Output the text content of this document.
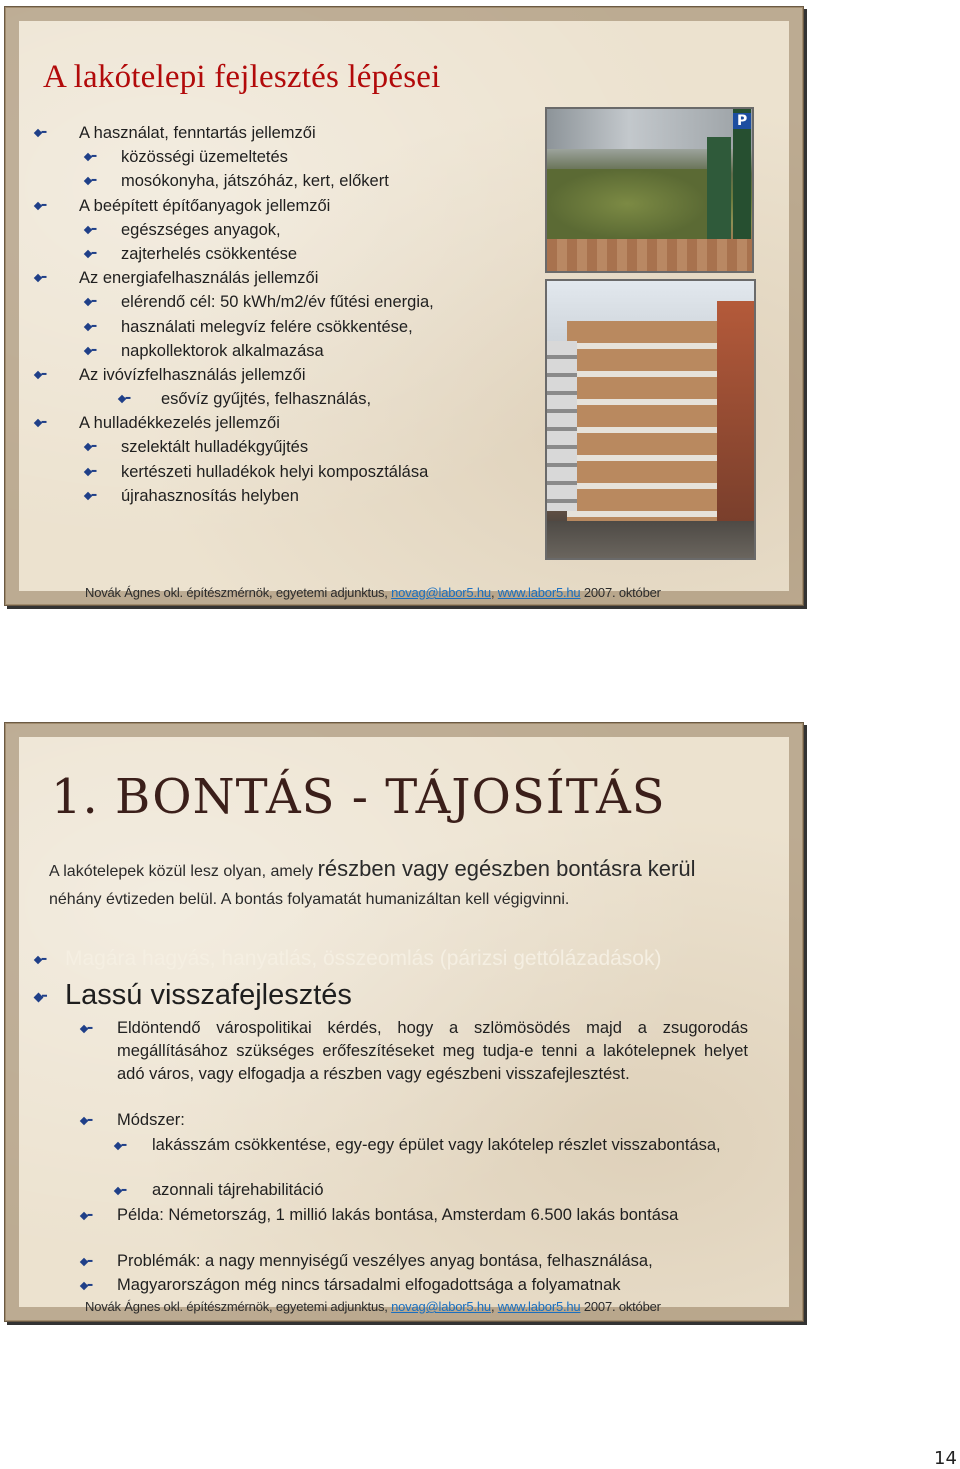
A lakótelepi fejlesztés lépései
A használat, fenntartás jellemzői
közösségi üzemeltetés
mosókonyha, játszóház, kert, előkert
A beépített építőanyagok jellemzői
egészséges anyagok,
zajterhelés csökkentése
Az energiafelhasználás jellemzői
elérendő cél: 50 kWh/m2/év fűtési energia,
használati melegvíz felére csökkentése,
napkollektorok alkalmazása
Az ivóvízfelhasználás jellemzői
esővíz gyűjtés, felhasználás,
A hulladékkezelés jellemzői
szelektált hulladékgyűjtés
kertészeti hulladékok helyi komposztálása
újrahasznosítás helyben
P
Novák Ágnes okl. építészmérnök, egyetemi adjunktus, novag@labor5.hu, www.labor5.hu 2007. október
1. BONTÁS - TÁJOSÍTÁS

A lakótelepek közül lesz olyan, amely részben vagy egészben bontásra kerül néhány évtizeden belül. A bontás folyamatát humanizáltan kell végigvinni.

Magára hagyás, hanyatlás, összeomlás (párizsi gettólázadások)

Lassú visszafejlesztés

Eldöntendő várospolitikai kérdés, hogy a szlömösödés majd a zsugorodás megállításához szükséges erőfeszítéseket meg tudja-e tenni a lakótelepnek helyet adó város, vagy elfogadja a részben vagy egészbeni visszafejlesztést.
Módszer:
lakásszám csökkentése, egy-egy épület vagy lakótelep részlet visszabontása,
azonnali tájrehabilitáció
Példa: Németország, 1 millió lakás bontása, Amsterdam 6.500 lakás bontása
Problémák: a nagy mennyiségű veszélyes anyag bontása, felhasználása,
Magyarországon még nincs társadalmi elfogadottsága a folyamatnak
Novák Ágnes okl. építészmérnök, egyetemi adjunktus, novag@labor5.hu, www.labor5.hu 2007. október
14
